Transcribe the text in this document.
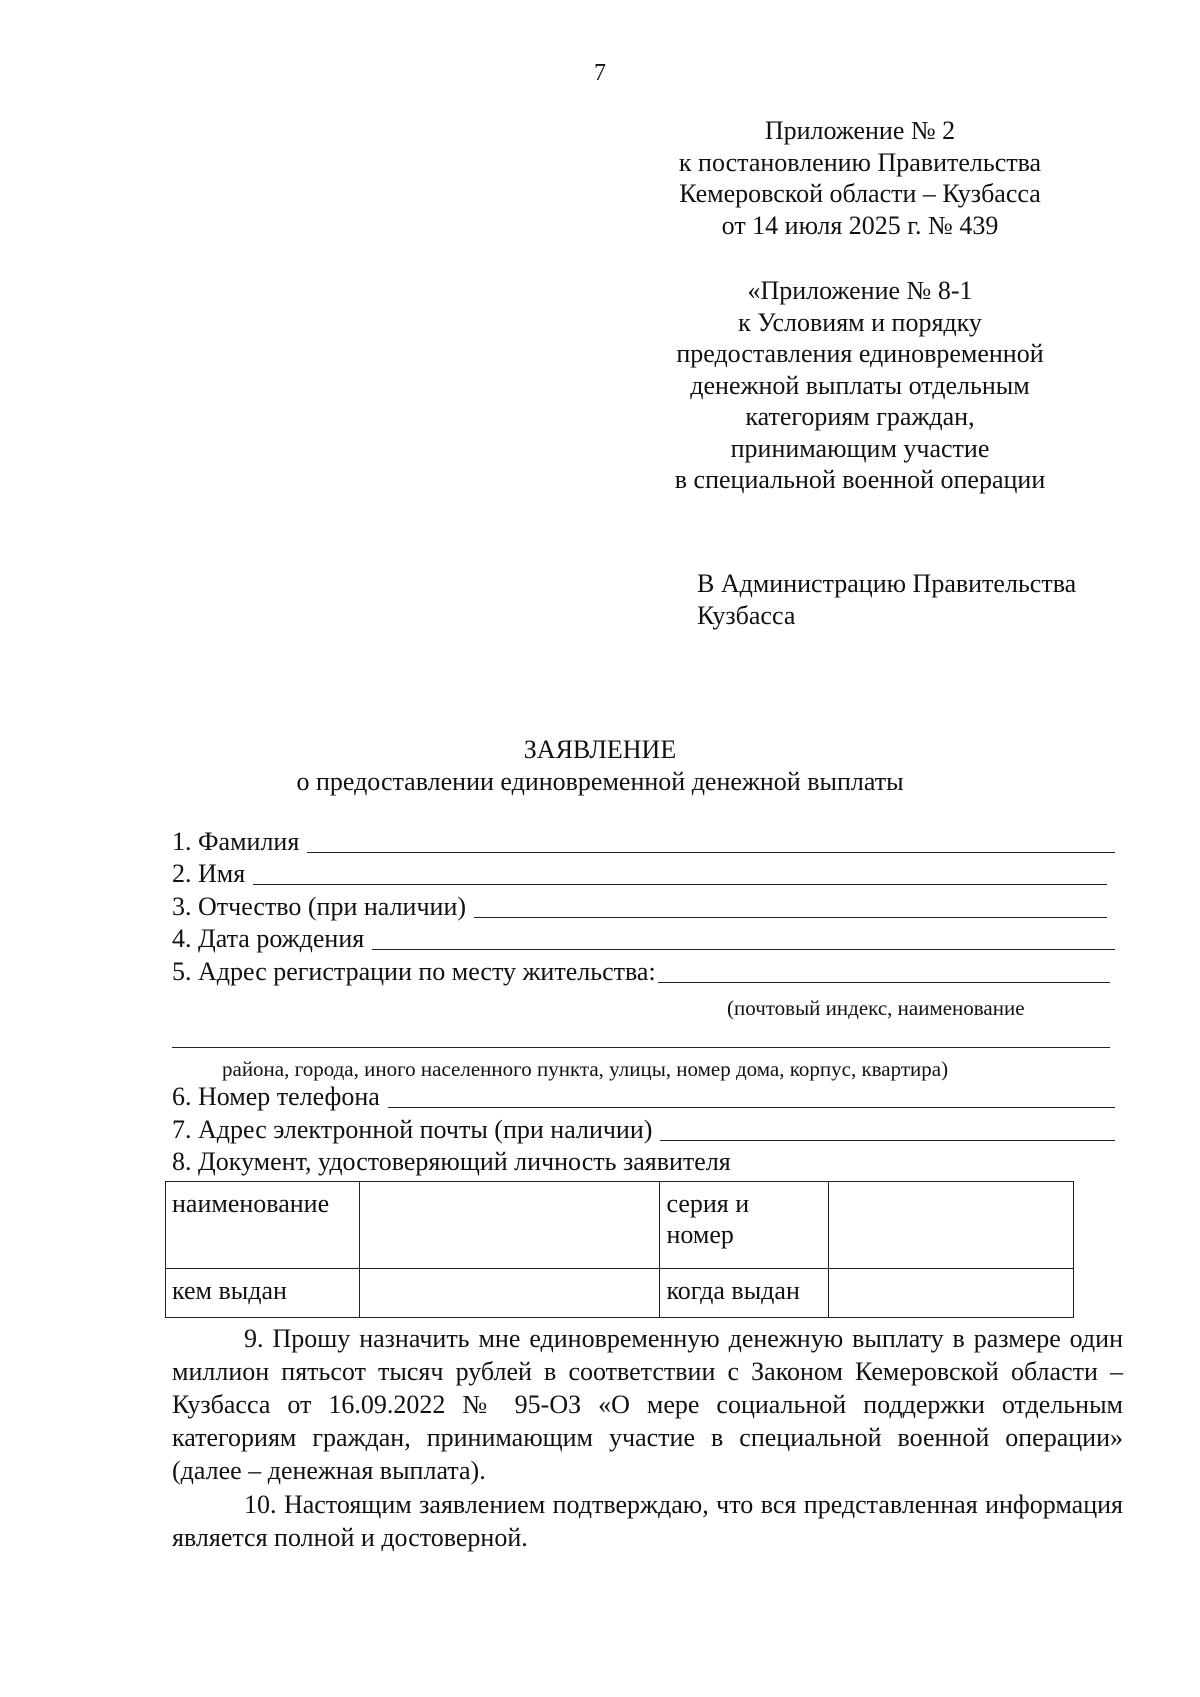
7
Приложение № 2
к постановлению Правительства
Кемеровской области – Кузбасса
от 14 июля 2025 г. № 439
«Приложение № 8-1
к Условиям и порядку
предоставления единовременной
денежной выплаты отдельным
категориям граждан,
принимающим участие
в специальной военной операции
В Администрацию Правительства
Кузбасса
ЗАЯВЛЕНИЕ
о предоставлении единовременной денежной выплаты
1. Фамилия
2. Имя
3. Отчество (при наличии)
4. Дата рождения
5. Адрес регистрации по месту жительства:
(почтовый индекс, наименование
района, города, иного населенного пункта, улицы, номер дома, корпус, квартира)
6. Номер телефона
7. Адрес электронной почты (при наличии)
8. Документ, удостоверяющий личность заявителя
наименование		серия и
номер	

кем выдан		когда выдан	

9. Прошу назначить мне единовременную денежную выплату в размере один миллион пятьсот тысяч рублей в соответствии с Законом Кемеровской области – Кузбасса от 16.09.2022 № 95-ОЗ «О мере социальной поддержки отдельным категориям граждан, принимающим участие в специальной военной операции» (далее – денежная выплата).

10. Настоящим заявлением подтверждаю, что вся представленная информация является полной и достоверной.
